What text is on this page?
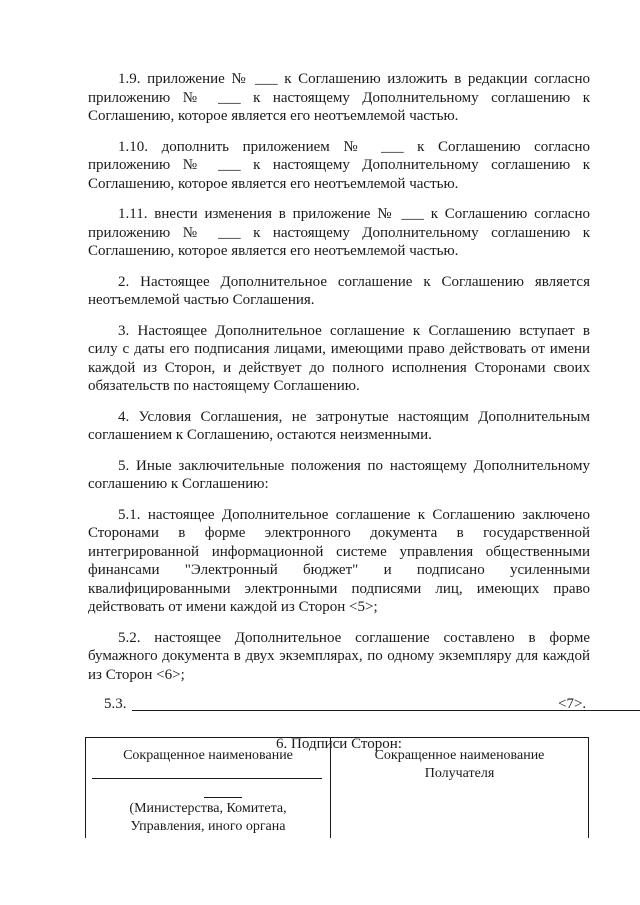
1.9. приложение № ___ к Соглашению изложить в редакции согласно приложению № ___ к настоящему Дополнительному соглашению к Соглашению, которое является его неотъемлемой частью.

1.10. дополнить приложением № ___ к Соглашению согласно приложению № ___ к настоящему Дополнительному соглашению к Соглашению, которое является его неотъемлемой частью.

1.11. внести изменения в приложение № ___ к Соглашению согласно приложению № ___ к настоящему Дополнительному соглашению к Соглашению, которое является его неотъемлемой частью.

2. Настоящее Дополнительное соглашение к Соглашению является неотъемлемой частью Соглашения.

3. Настоящее Дополнительное соглашение к Соглашению вступает в силу с даты его подписания лицами, имеющими право действовать от имени каждой из Сторон, и действует до полного исполнения Сторонами своих обязательств по настоящему Соглашению.

4. Условия Соглашения, не затронутые настоящим Дополнительным соглашением к Соглашению, остаются неизменными.

5. Иные заключительные положения по настоящему Дополнительному соглашению к Соглашению:

5.1. настоящее Дополнительное соглашение к Соглашению заключено Сторонами в форме электронного документа в государственной интегрированной информационной системе управления общественными финансами "Электронный бюджет" и подписано усиленными квалифицированными электронными подписями лиц, имеющих право действовать от имени каждой из Сторон <5>;

5.2. настоящее Дополнительное соглашение составлено в форме бумажного документа в двух экземплярах, по одному экземпляру для каждой из Сторон <6>;

5.3.	<7>.
6. Подписи Сторон:
Сокращенное наименование
(Министерства, Комитета,
Управления, иного органа
Сокращенное наименование
Получателя
